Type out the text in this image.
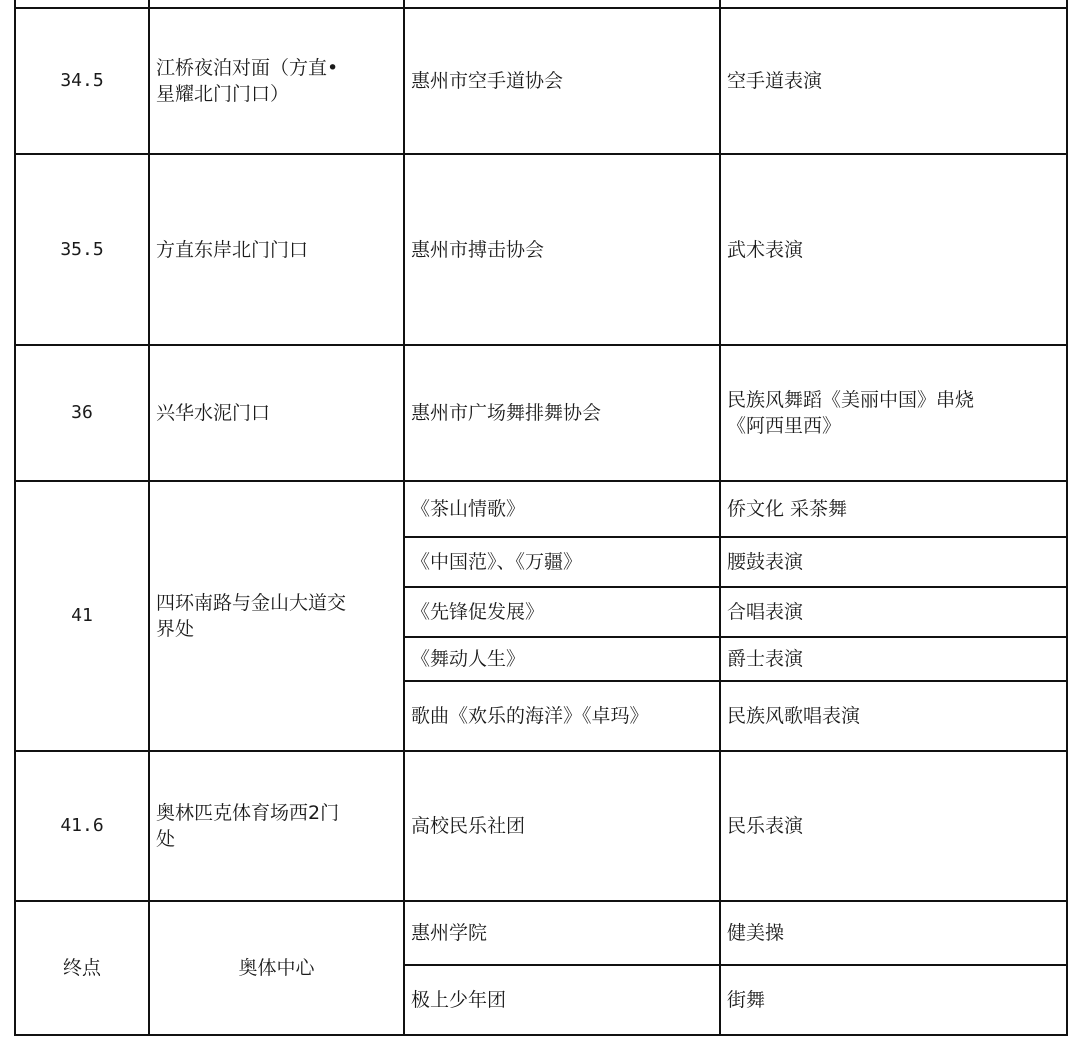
34.5	江桥夜泊对面（方直•星耀北门门口）	惠州市空手道协会	空手道表演
35.5	方直东岸北门门口	惠州市搏击协会	武术表演
36	兴华水泥门口	惠州市广场舞排舞协会	民族风舞蹈《美丽中国》串烧《阿西里西》
41	四环南路与金山大道交界处	《茶山情歌》	侨文化 采茶舞
		《中国范》、《万疆》	腰鼓表演
		《先锋促发展》	合唱表演
		《舞动人生》	爵士表演
		歌曲《欢乐的海洋》《卓玛》	民族风歌唱表演
41.6	奥林匹克体育场西2门处	高校民乐社团	民乐表演
终点	奥体中心	惠州学院	健美操
		极上少年团	街舞
